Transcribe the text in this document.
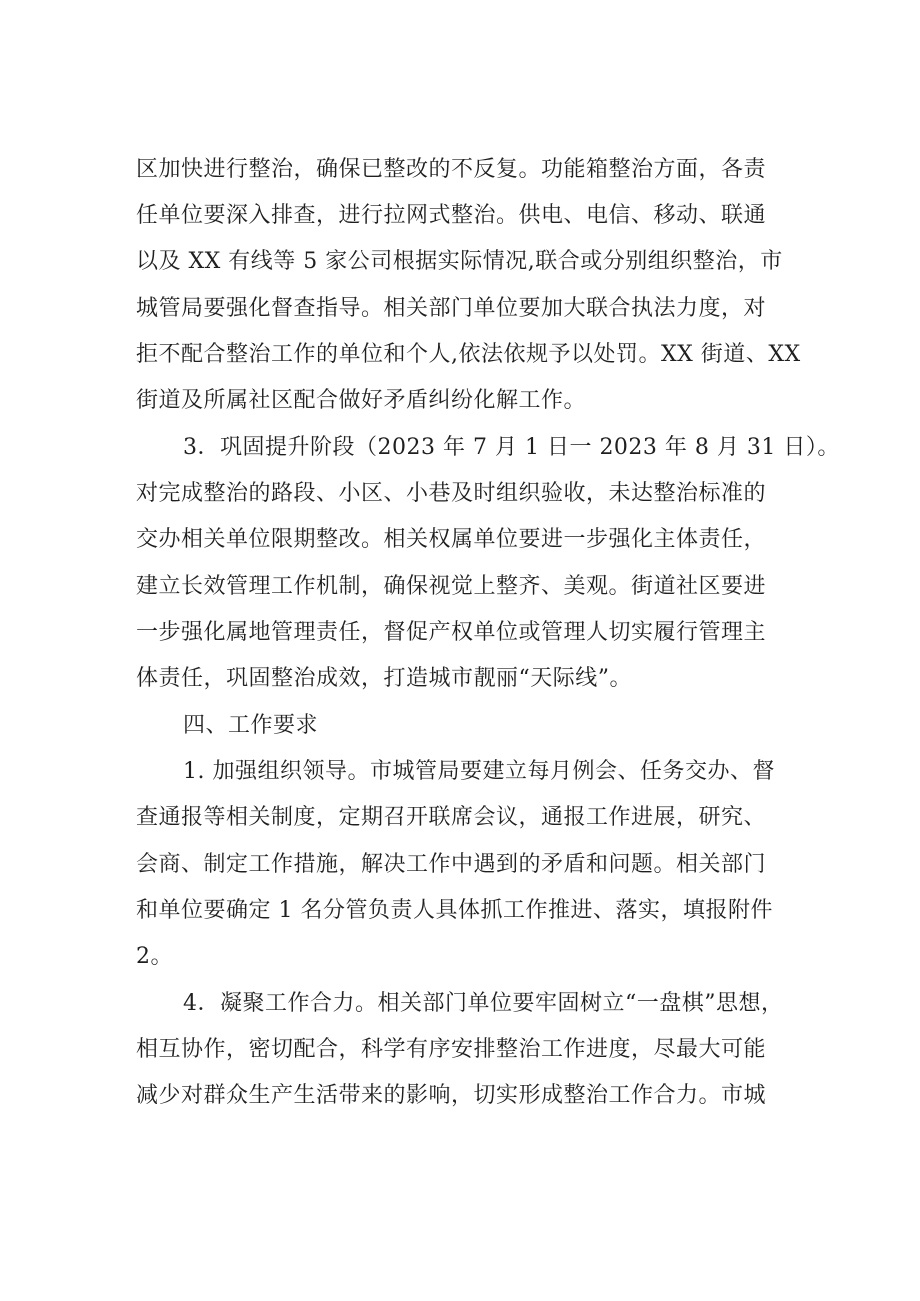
区加快进行整治，确保已整改的不反复。功能箱整治方面，各责
任单位要深入排查，进行拉网式整治。供电、电信、移动、联通
以及 XX 有线等 5 家公司根据实际情况,联合或分别组织整治，市
城管局要强化督查指导。相关部门单位要加大联合执法力度，对
拒不配合整治工作的单位和个人,依法依规予以处罚。XX 街道、XX
街道及所属社区配合做好矛盾纠纷化解工作。
3．巩固提升阶段（2023 年 7 月 1 日一 2023 年 8 月 31 日）。
对完成整治的路段、小区、小巷及时组织验收，未达整治标准的
交办相关单位限期整改。相关权属单位要进一步强化主体责任，
建立长效管理工作机制，确保视觉上整齐、美观。街道社区要进
一步强化属地管理责任，督促产权单位或管理人切实履行管理主
体责任，巩固整治成效，打造城市靓丽“天际线”。
四、工作要求
1. 加强组织领导。市城管局要建立每月例会、任务交办、督
查通报等相关制度，定期召开联席会议，通报工作进展，研究、
会商、制定工作措施，解决工作中遇到的矛盾和问题。相关部门
和单位要确定 1 名分管负责人具体抓工作推进、落实，填报附件
2。
4．凝聚工作合力。相关部门单位要牢固树立“一盘棋”思想，
相互协作，密切配合，科学有序安排整治工作进度，尽最大可能
减少对群众生产生活带来的影响，切实形成整治工作合力。市城
